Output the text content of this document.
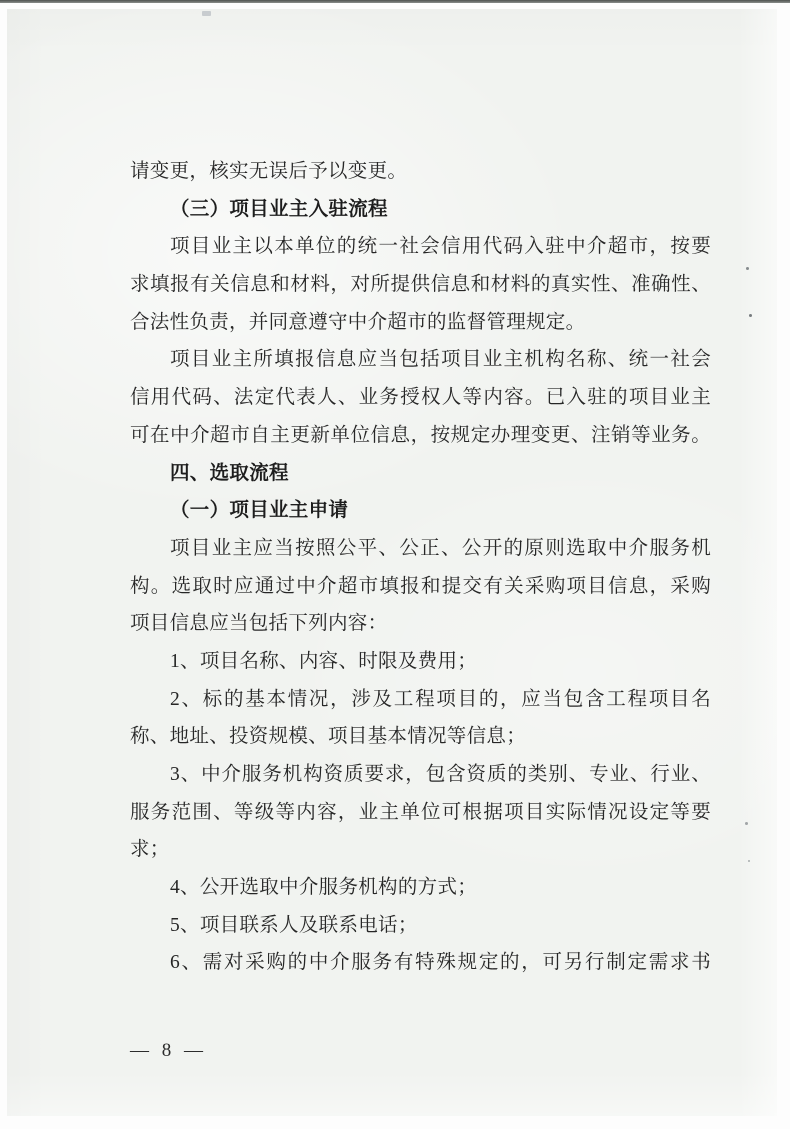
请变更，核实无误后予以变更。
（三）项目业主入驻流程
项目业主以本单位的统一社会信用代码入驻中介超市，按要
求填报有关信息和材料，对所提供信息和材料的真实性、准确性、
合法性负责，并同意遵守中介超市的监督管理规定。
项目业主所填报信息应当包括项目业主机构名称、统一社会
信用代码、法定代表人、业务授权人等内容。已入驻的项目业主
可在中介超市自主更新单位信息，按规定办理变更、注销等业务。
四、选取流程
（一）项目业主申请
项目业主应当按照公平、公正、公开的原则选取中介服务机
构。选取时应通过中介超市填报和提交有关采购项目信息，采购
项目信息应当包括下列内容：
1、项目名称、内容、时限及费用；
2、标的基本情况，涉及工程项目的，应当包含工程项目名
称、地址、投资规模、项目基本情况等信息；
3、中介服务机构资质要求，包含资质的类别、专业、行业、
服务范围、等级等内容，业主单位可根据项目实际情况设定等要
求；
4、公开选取中介服务机构的方式；
5、项目联系人及联系电话；
6、需对采购的中介服务有特殊规定的，可另行制定需求书
— 8 —
